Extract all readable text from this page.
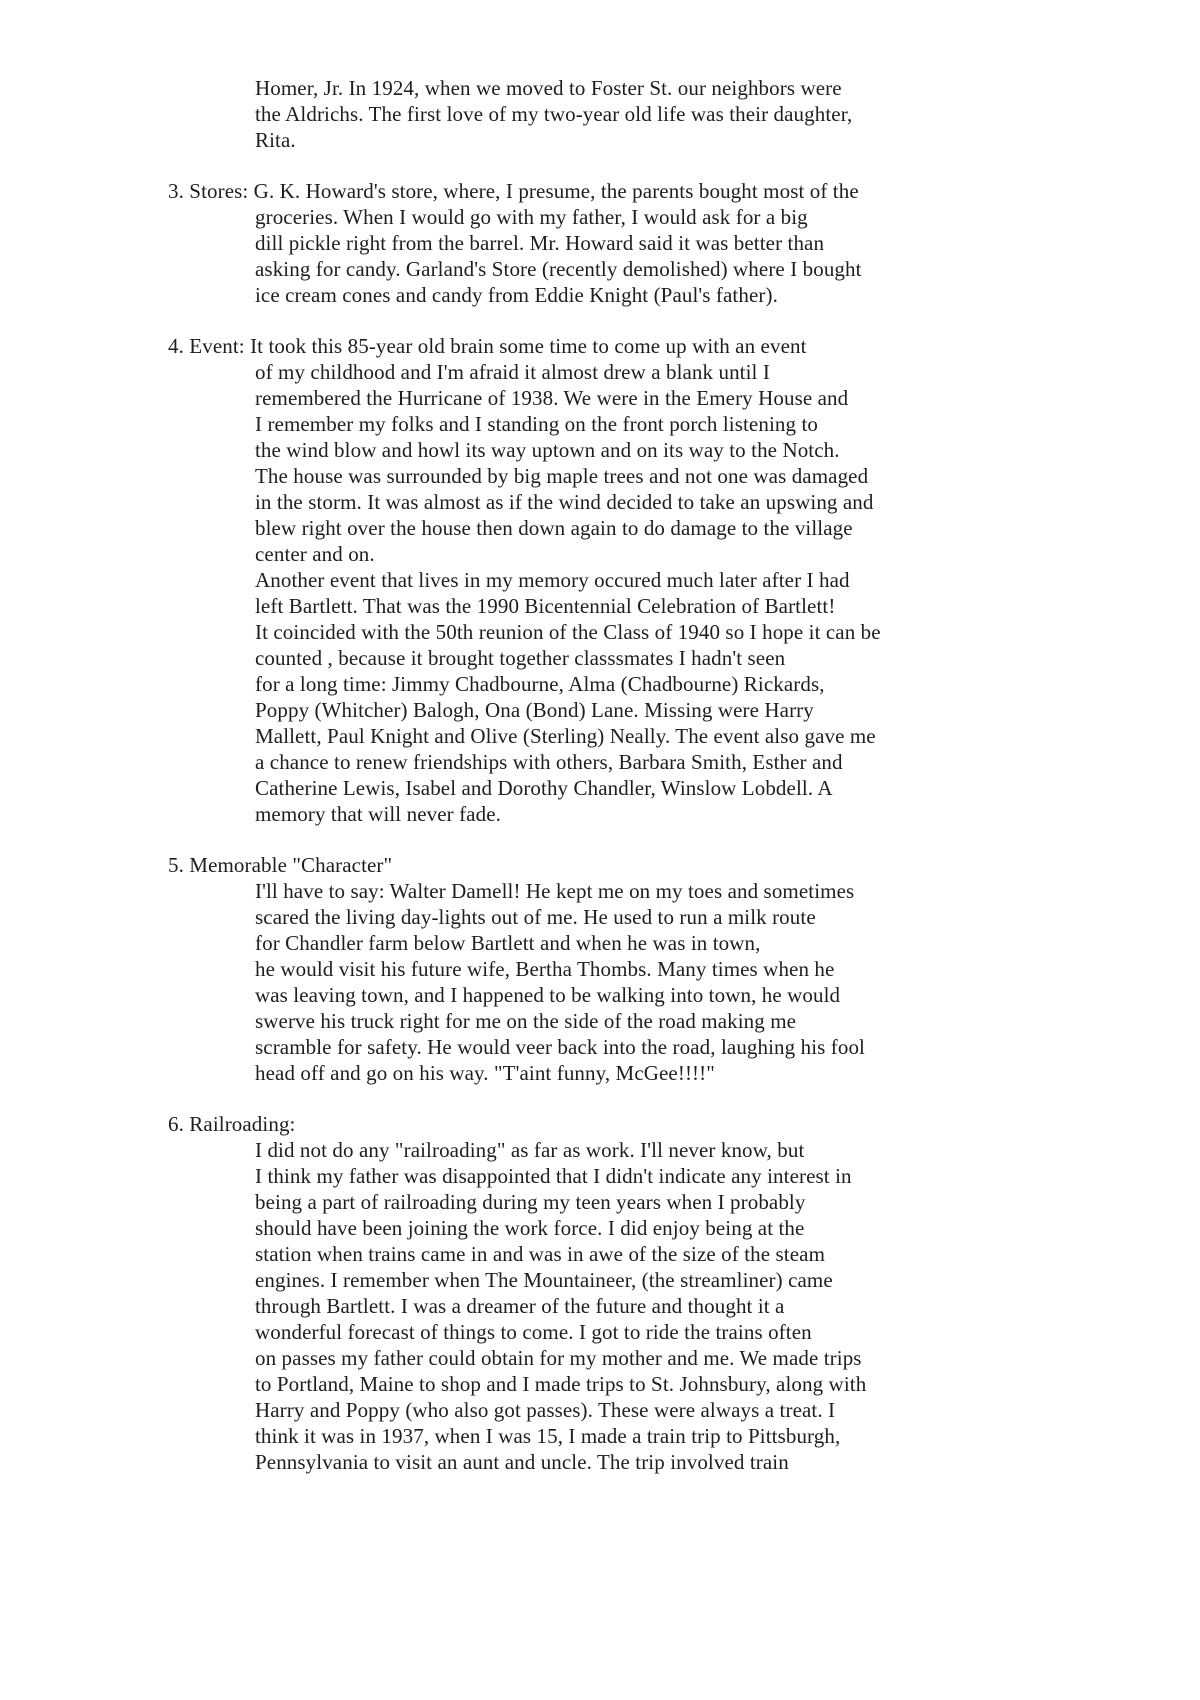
Homer, Jr. In 1924, when we moved to Foster St. our neighbors were
the Aldrichs. The first love of my two-year old life was their daughter,
Rita.
3. Stores: G. K. Howard's store, where, I presume, the parents bought most of the
groceries. When I would go with my father, I would ask for a big
dill pickle right from the barrel. Mr. Howard said it was better than
asking for candy. Garland's Store (recently demolished) where I bought
ice cream cones and candy from Eddie Knight (Paul's father).
4. Event: It took this 85-year old brain some time to come up with an event
of my childhood and I'm afraid it almost drew a blank until I
remembered the Hurricane of 1938. We were in the Emery House and
I remember my folks and I standing on the front porch listening to
the wind blow and howl its way uptown and on its way to the Notch.
The house was surrounded by big maple trees and not one was damaged
in the storm. It was almost as if the wind decided to take an upswing and
blew right over the house then down again to do damage to the village
center and on.
Another event that lives in my memory occured much later after I had
left Bartlett. That was the 1990 Bicentennial Celebration of Bartlett!
It coincided with the 50th reunion of the Class of 1940 so I hope it can be
counted , because it brought together classsmates I hadn't seen
for a long time: Jimmy Chadbourne, Alma (Chadbourne) Rickards,
Poppy (Whitcher) Balogh, Ona (Bond) Lane. Missing were Harry
Mallett, Paul Knight and Olive (Sterling) Neally. The event also gave me
a chance to renew friendships with others, Barbara Smith, Esther and
Catherine Lewis, Isabel and Dorothy Chandler, Winslow Lobdell. A
memory that will never fade.
5. Memorable "Character"
I'll have to say: Walter Damell! He kept me on my toes and sometimes
scared the living day-lights out of me. He used to run a milk route
for Chandler farm below Bartlett and when he was in town,
he would visit his future wife, Bertha Thombs. Many times when he
was leaving town, and I happened to be walking into town, he would
swerve his truck right for me on the side of the road making me
scramble for safety. He would veer back into the road, laughing his fool
head off and go on his way. "T'aint funny, McGee!!!!"
6. Railroading:
I did not do any "railroading" as far as work. I'll never know, but
I think my father was disappointed that I didn't indicate any interest in
being a part of railroading during my teen years when I probably
should have been joining the work force. I did enjoy being at the
station when trains came in and was in awe of the size of the steam
engines. I remember when The Mountaineer, (the streamliner) came
through Bartlett. I was a dreamer of the future and thought it a
wonderful forecast of things to come. I got to ride the trains often
on passes my father could obtain for my mother and me. We made trips
to Portland, Maine to shop and I made trips to St. Johnsbury, along with
Harry and Poppy (who also got passes). These were always a treat. I
think it was in 1937, when I was 15, I made a train trip to Pittsburgh,
Pennsylvania to visit an aunt and uncle. The trip involved train
